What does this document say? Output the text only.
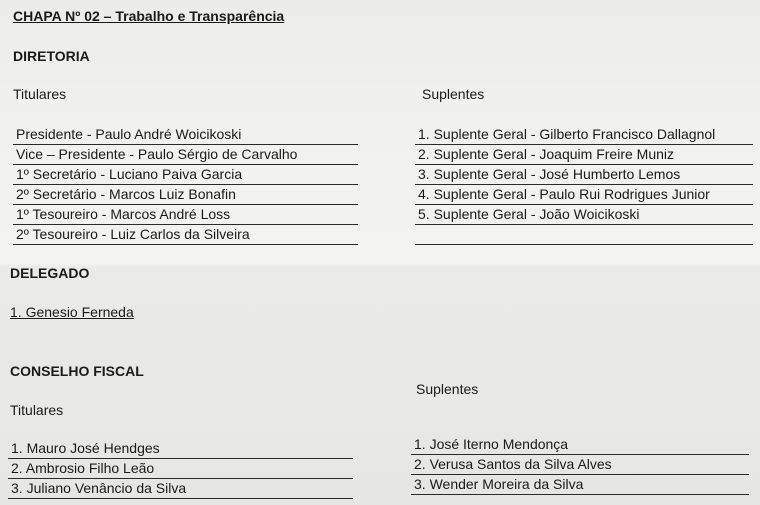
CHAPA Nº 02 – Trabalho e Transparência
DIRETORIA
Titulares	Suplentes
Presidente - Paulo André Woicikoski
Vice – Presidente - Paulo Sérgio de Carvalho
1º Secretário - Luciano Paiva Garcia
2º Secretário - Marcos Luiz Bonafin
1º Tesoureiro - Marcos André Loss
2º Tesoureiro - Luiz Carlos da Silveira
1. Suplente Geral - Gilberto Francisco Dallagnol
2. Suplente Geral - Joaquim Freire Muniz
3. Suplente Geral - José Humberto Lemos
4. Suplente Geral - Paulo Rui Rodrigues Junior
5. Suplente Geral - João Woicikoski
DELEGADO
1. Genesio Ferneda
CONSELHO FISCAL
Titulares
Suplentes
1. Mauro José Hendges
2. Ambrosio Filho Leão
3. Juliano Venâncio da Silva
1. José Iterno Mendonça
2. Verusa Santos da Silva Alves
3. Wender Moreira da Silva
